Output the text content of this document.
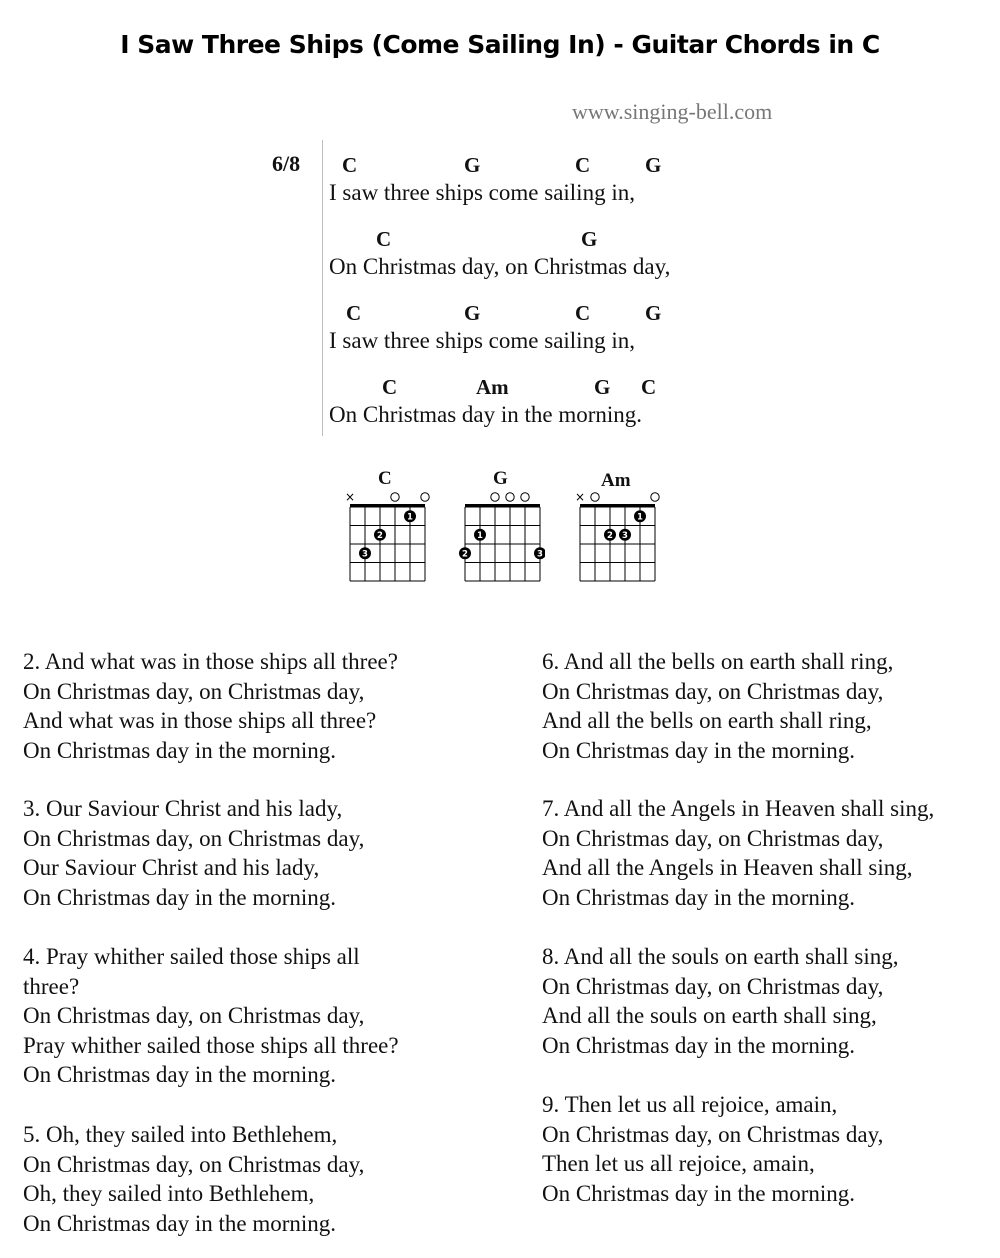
I Saw Three Ships (Come Sailing In) - Guitar Chords in C
www.singing-bell.com
6/8 C	G	C	G
I saw three ships come sailing in,
C	G
On Christmas day, on Christmas day,
C	G	C	G
I saw three ships come sailing in,
C	Am	G C
On Christmas day in the morning.
C
×
1
2
3
G
1
2	3
Am
×
1
2 3
2. And what was in those ships all three?
On Christmas day, on Christmas day,
And what was in those ships all three?
On Christmas day in the morning.
3. Our Saviour Christ and his lady,
On Christmas day, on Christmas day,
Our Saviour Christ and his lady,
On Christmas day in the morning.
4. Pray whither sailed those ships all
three?
On Christmas day, on Christmas day,
Pray whither sailed those ships all three?
On Christmas day in the morning.
5. Oh, they sailed into Bethlehem,
On Christmas day, on Christmas day,
Oh, they sailed into Bethlehem,
On Christmas day in the morning.
6. And all the bells on earth shall ring,
On Christmas day, on Christmas day,
And all the bells on earth shall ring,
On Christmas day in the morning.
7. And all the Angels in Heaven shall sing,
On Christmas day, on Christmas day,
And all the Angels in Heaven shall sing,
On Christmas day in the morning.
8. And all the souls on earth shall sing,
On Christmas day, on Christmas day,
And all the souls on earth shall sing,
On Christmas day in the morning.
9. Then let us all rejoice, amain,
On Christmas day, on Christmas day,
Then let us all rejoice, amain,
On Christmas day in the morning.
